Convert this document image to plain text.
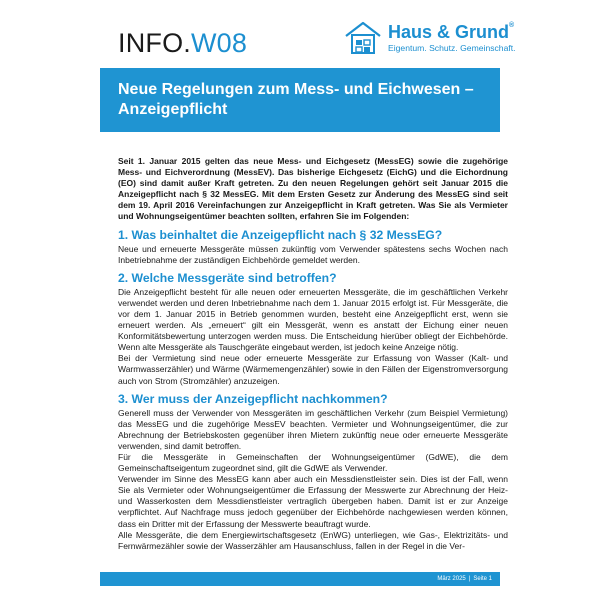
INFO.W08	Haus & Grund®
Eigentum. Schutz. Gemeinschaft.
Neue Regelungen zum Mess- und Eichwesen – Anzeigepflicht

Seit 1. Januar 2015 gelten das neue Mess- und Eichgesetz (MessEG) sowie die zugehörige Mess- und Eichverordnung (MessEV). Das bisherige Eichgesetz (EichG) und die Eichordnung (EO) sind damit außer Kraft getreten. Zu den neuen Regelungen gehört seit Januar 2015 die Anzeigepflicht nach § 32 MessEG. Mit dem Ersten Gesetz zur Änderung des MessEG sind seit dem 19. April 2016 Vereinfachungen zur Anzeigepflicht in Kraft getreten. Was Sie als Vermieter und Wohnungseigentümer beachten sollten, erfahren Sie im Folgenden:

1. Was beinhaltet die Anzeigepflicht nach § 32 MessEG?

Neue und erneuerte Messgeräte müssen zukünftig vom Verwender spätestens sechs Wochen nach Inbetriebnahme der zuständigen Eichbehörde gemeldet werden.

2. Welche Messgeräte sind betroffen?

Die Anzeigepflicht besteht für alle neuen oder erneuerten Messgeräte, die im geschäftlichen Verkehr verwendet werden und deren Inbetriebnahme nach dem 1. Januar 2015 erfolgt ist. Für Messgeräte, die vor dem 1. Januar 2015 in Betrieb genommen wurden, besteht eine Anzeigepflicht erst, wenn sie erneuert werden. Als „erneuert“ gilt ein Messgerät, wenn es anstatt der Eichung einer neuen Konformitätsbewertung unterzogen werden muss. Die Entscheidung hierüber obliegt der Eichbehörde. Wenn alte Messgeräte als Tauschgeräte eingebaut werden, ist jedoch keine Anzeige nötig.

Bei der Vermietung sind neue oder erneuerte Messgeräte zur Erfassung von Wasser (Kalt- und Warmwasserzähler) und Wärme (Wärmemengenzähler) sowie in den Fällen der Eigenstromversorgung auch von Strom (Stromzähler) anzuzeigen.

3. Wer muss der Anzeigepflicht nachkommen?

Generell muss der Verwender von Messgeräten im geschäftlichen Verkehr (zum Beispiel Vermietung) das MessEG und die zugehörige MessEV beachten. Vermieter und Wohnungseigentümer, die zur Abrechnung der Betriebskosten gegenüber ihren Mietern zukünftig neue oder erneuerte Messgeräte verwenden, sind damit betroffen.

Für die Messgeräte in Gemeinschaften der Wohnungseigentümer (GdWE), die dem Gemeinschaftseigentum zugeordnet sind, gilt die GdWE als Verwender.

Verwender im Sinne des MessEG kann aber auch ein Messdienstleister sein. Dies ist der Fall, wenn Sie als Vermieter oder Wohnungseigentümer die Erfassung der Messwerte zur Abrechnung der Heiz- und Wasserkosten dem Messdienstleister vertraglich übergeben haben. Damit ist er zur Anzeige verpflichtet. Auf Nachfrage muss jedoch gegenüber der Eichbehörde nachgewiesen werden können, dass ein Dritter mit der Erfassung der Messwerte beauftragt wurde.

Alle Messgeräte, die dem Energiewirtschaftsgesetz (EnWG) unterliegen, wie Gas-, Elektrizitäts- und Fernwärmezähler sowie der Wasserzähler am Hausanschluss, fallen in der Regel in die Ver-

März 2025 | Seite 1
